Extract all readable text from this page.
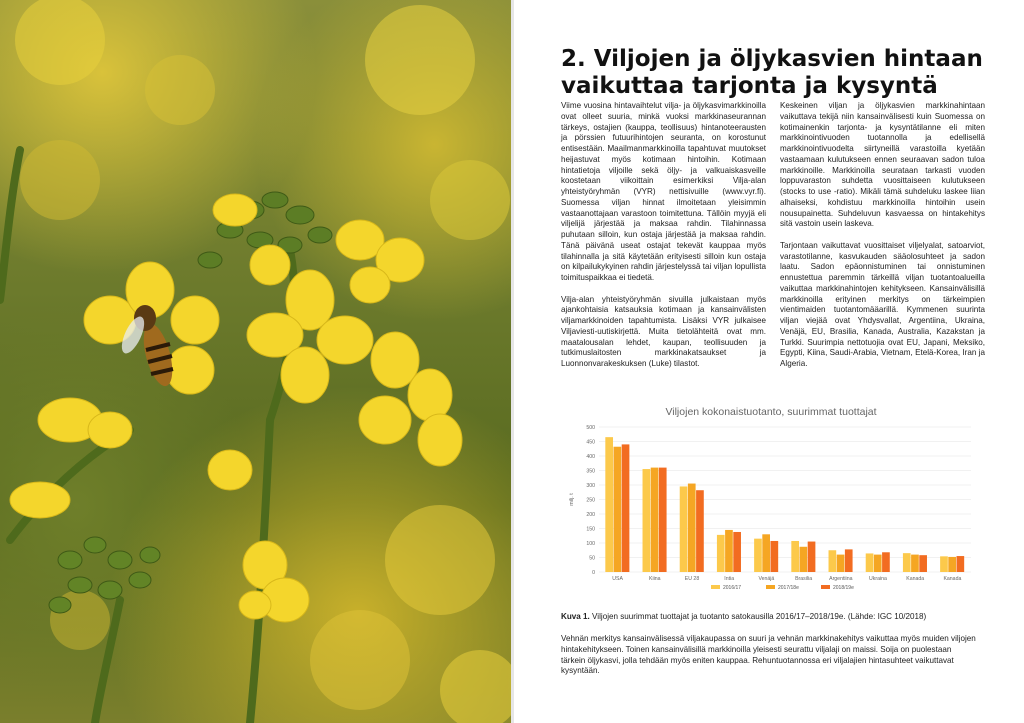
2. Viljojen ja öljykasvien hintaan
vaikuttaa tarjonta ja kysyntä

Viime vuosina hintavaihtelut vilja- ja öljykasvimarkkinoilla ovat olleet suuria, minkä vuoksi markkinaseurannan tärkeys, ostajien (kauppa, teollisuus) hintanoteerausten ja pörssien futuurihintojen seuranta, on korostunut entisestään. Maailmanmarkkinoilla tapahtuvat muutokset heijastuvat myös kotimaan hintoihin. Kotimaan hintatietoja viljoille sekä öljy- ja valkuaiskasveille koostetaan viikoittain esimerkiksi Vilja-alan yhteistyöryhmän (VYR) nettisivuille (www.vyr.fi). Suomessa viljan hinnat ilmoitetaan yleisimmin vastaanottajaan varastoon toimitettuna. Tällöin myyjä eli viljelijä järjestää ja maksaa rahdin. Tilahinnassa puhutaan silloin, kun ostaja järjestää ja maksaa rahdin. Tänä päivänä useat ostajat tekevät kauppaa myös tilahinnalla ja sitä käytetään erityisesti silloin kun ostaja on kilpailukykyinen rahdin järjestelyssä tai viljan lopullista toimituspaikkaa ei tiedetä.

Vilja-alan yhteistyöryhmän sivuilla julkaistaan myös ajankohtaisia katsauksia kotimaan ja kansainvälisten viljamarkkinoiden tapahtumista. Lisäksi VYR julkaisee Viljaviesti-uutiskirjettä. Muita tietolähteitä ovat mm. maatalousalan lehdet, kaupan, teollisuuden ja tutkimuslaitosten markkinakatsaukset ja Luonnonvarakeskuksen (Luke) tilastot.

Keskeinen viljan ja öljykasvien markkinahintaan vaikuttava tekijä niin kansainvälisesti kuin Suomessa on kotimainenkin tarjonta- ja kysyntätilanne eli miten markkinointivuoden tuotannolla ja edellisellä markkinointivuodelta siirtyneillä varastoilla kyetään vastaamaan kulutukseen ennen seuraavan sadon tuloa markkinoille. Markkinoilla seurataan tarkasti vuoden loppuvaraston suhdetta vuosittaiseen kulutukseen (stocks to use -ratio). Mikäli tämä suhdeluku laskee liian alhaiseksi, kohdistuu markkinoilla hintoihin usein nousupainetta. Suhdeluvun kasvaessa on hintakehitys sitä vastoin usein laskeva.

Tarjontaan vaikuttavat vuosittaiset viljelyalat, satoarviot, varastotilanne, kasvukauden sääolosuhteet ja sadon laatu. Sadon epäonnistuminen tai onnistuminen ennustettua paremmin tärkeillä viljan tuotantoalueilla vaikuttaa markkinahintojen kehitykseen. Kansainvälisillä markkinoilla erityinen merkitys on tärkeimpien vientimaiden tuotantomääarillä. Kymmenen suurinta viljan viejää ovat Yhdysvallat, Argentiina, Ukraina, Venäjä, EU, Brasilia, Kanada, Australia, Kazakstan ja Turkki. Suurimpia nettotuojia ovat EU, Japani, Meksiko, Egypti, Kiina, Saudi-Arabia, Vietnam, Etelä-Korea, Iran ja Algeria.

Viljojen kokonaistuotanto, suurimmat tuottajat
0
50
100
150
200
250
300
350
400
450
500
milj. t
USA	Kiina	EU 28	Intia	Venäjä	Brasilia	Argentiina	Ukraina	Kanada	Kanada
2016/17	2017/18e	2018/19e

Kuva 1. Viljojen suurimmat tuottajat ja tuotanto satokausilla 2016/17–2018/19e. (Lähde: IGC 10/2018)

Vehnän merkitys kansainvälisessä viljakaupassa on suuri ja vehnän markkinakehitys vaikuttaa myös muiden viljojen hintakehitykseen. Toinen kansainvälisillä markkinoilla yleisesti seurattu viljalaji on maissi. Soija on puolestaan tärkein öljykasvi, jolla tehdään myös eniten kauppaa. Rehuntuotannossa eri viljalajien hintasuhteet vaikuttavat kysyntään.
